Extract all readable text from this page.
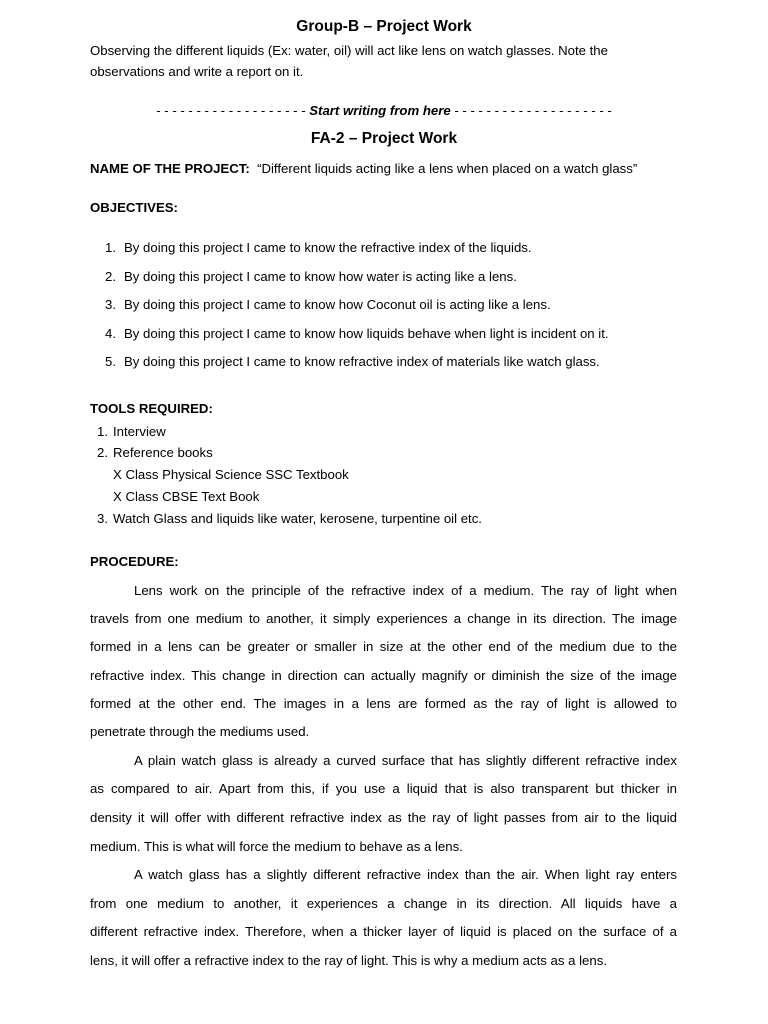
Group-B – Project Work
Observing the different liquids (Ex: water, oil) will act like lens on watch glasses. Note the
observations and write a report on it.
- - - - - - - - - - - - - - - - - - - Start writing from here - - - - - - - - - - - - - - - - - - - -
FA-2 – Project Work
NAME OF THE PROJECT: “Different liquids acting like a lens when placed on a watch glass”
OBJECTIVES:
1. By doing this project I came to know the refractive index of the liquids.
2. By doing this project I came to know how water is acting like a lens.
3. By doing this project I came to know how Coconut oil is acting like a lens.
4. By doing this project I came to know how liquids behave when light is incident on it.
5. By doing this project I came to know refractive index of materials like watch glass.
TOOLS REQUIRED:
1. Interview
2. Reference books
X Class Physical Science SSC Textbook
X Class CBSE Text Book
3. Watch Glass and liquids like water, kerosene, turpentine oil etc.
PROCEDURE:
Lens work on the principle of the refractive index of a medium. The ray of light when
travels from one medium to another, it simply experiences a change in its direction. The image
formed in a lens can be greater or smaller in size at the other end of the medium due to the
refractive index. This change in direction can actually magnify or diminish the size of the image
formed at the other end. The images in a lens are formed as the ray of light is allowed to
penetrate through the mediums used.
A plain watch glass is already a curved surface that has slightly different refractive index
as compared to air. Apart from this, if you use a liquid that is also transparent but thicker in
density it will offer with different refractive index as the ray of light passes from air to the liquid
medium. This is what will force the medium to behave as a lens.
A watch glass has a slightly different refractive index than the air. When light ray enters
from one medium to another, it experiences a change in its direction. All liquids have a
different refractive index. Therefore, when a thicker layer of liquid is placed on the surface of a
lens, it will offer a refractive index to the ray of light. This is why a medium acts as a lens.
